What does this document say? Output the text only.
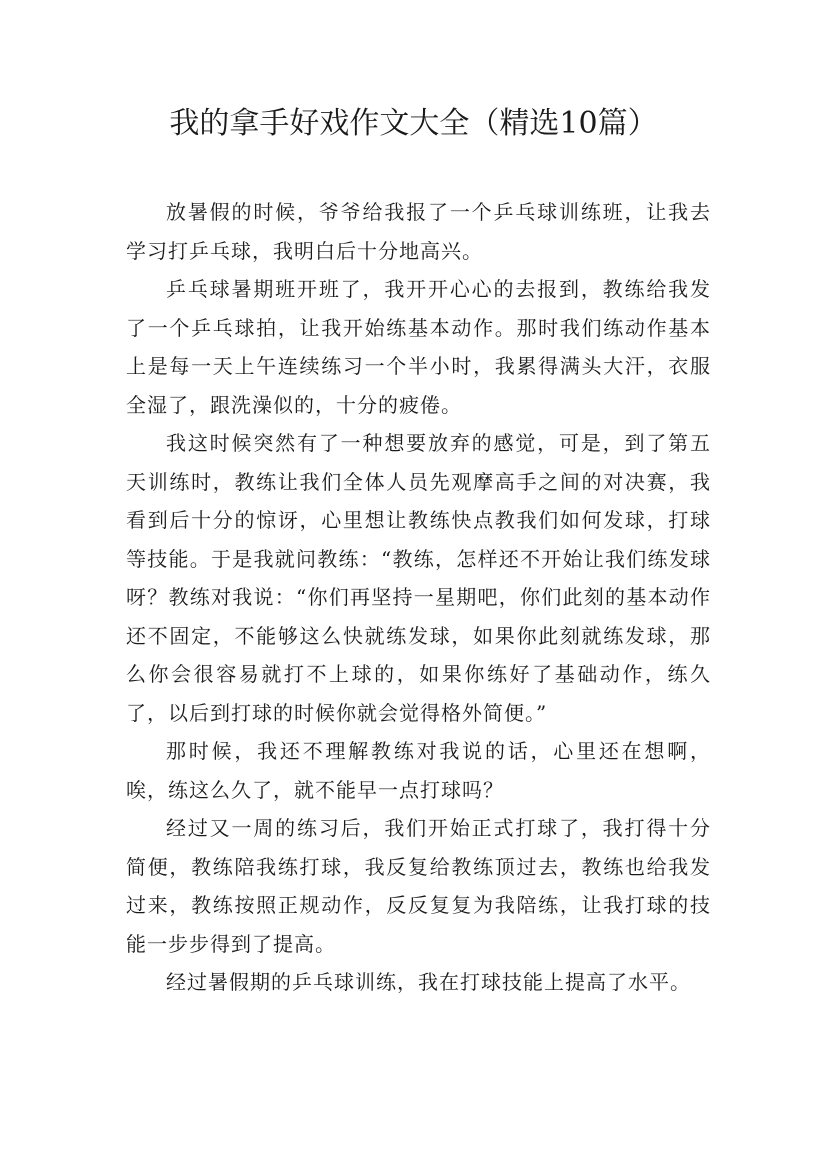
我的拿手好戏作文大全（精选10篇）

放暑假的时候，爷爷给我报了一个乒乓球训练班，让我去学习打乒乓球，我明白后十分地高兴。

乒乓球暑期班开班了，我开开心心的去报到，教练给我发了一个乒乓球拍，让我开始练基本动作。那时我们练动作基本上是每一天上午连续练习一个半小时，我累得满头大汗，衣服全湿了，跟洗澡似的，十分的疲倦。

我这时候突然有了一种想要放弃的感觉，可是，到了第五天训练时，教练让我们全体人员先观摩高手之间的对决赛，我看到后十分的惊讶，心里想让教练快点教我们如何发球，打球等技能。于是我就问教练：“教练，怎样还不开始让我们练发球呀？教练对我说：“你们再坚持一星期吧，你们此刻的基本动作还不固定，不能够这么快就练发球，如果你此刻就练发球，那么你会很容易就打不上球的，如果你练好了基础动作，练久了，以后到打球的时候你就会觉得格外简便。”

那时候，我还不理解教练对我说的话，心里还在想啊，唉，练这么久了，就不能早一点打球吗？

经过又一周的练习后，我们开始正式打球了，我打得十分简便，教练陪我练打球，我反复给教练顶过去，教练也给我发过来，教练按照正规动作，反反复复为我陪练，让我打球的技能一步步得到了提高。

经过暑假期的乒乓球训练，我在打球技能上提高了水平。
